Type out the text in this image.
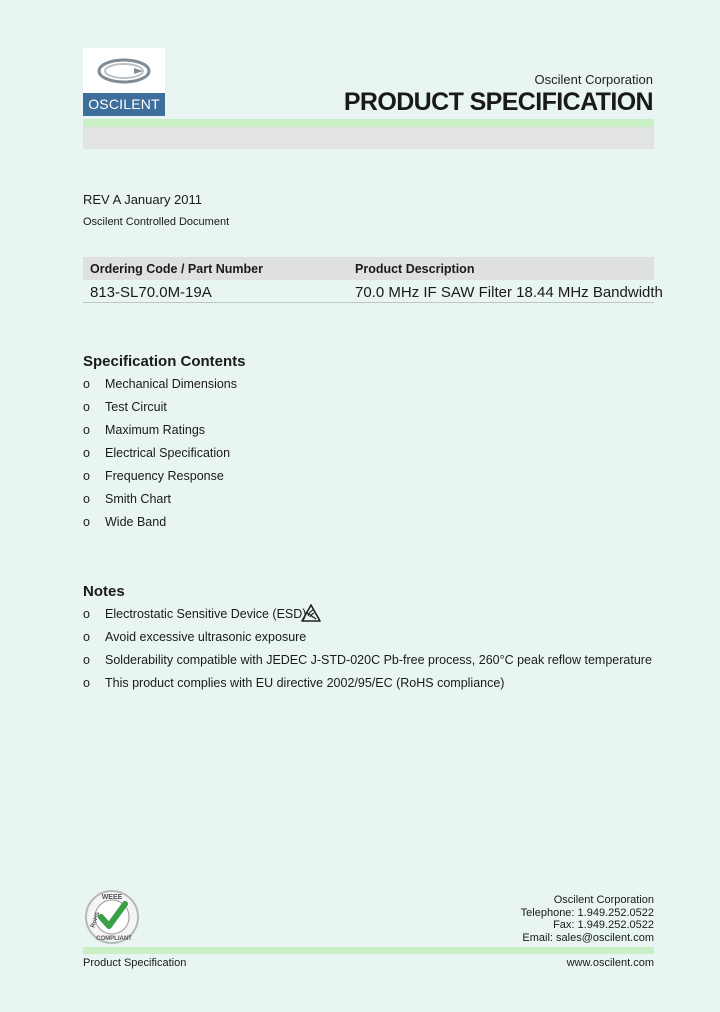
OSCILENT
Oscilent Corporation
PRODUCT SPECIFICATION
REV A January 2011
Oscilent Controlled Document
Ordering Code / Part Number	Product Description
813-SL70.0M-19A	70.0 MHz IF SAW Filter 18.44 MHz Bandwidth
Specification Contents
o Mechanical Dimensions
o Test Circuit
o Maximum Ratings
o Electrical Specification
o Frequency Response
o Smith Chart
o Wide Band
Notes
o Electrostatic Sensitive Device (ESD)
o Avoid excessive ultrasonic exposure
o Solderability compatible with JEDEC J-STD-020C Pb-free process, 260°C peak reflow temperature
o This product complies with EU directive 2002/95/EC (RoHS compliance)
WEEE
RoHS
COMPLIANT
Oscilent Corporation
Telephone: 1.949.252.0522
Fax: 1.949.252.0522
Email: sales@oscilent.com
Product Specification	www.oscilent.com
